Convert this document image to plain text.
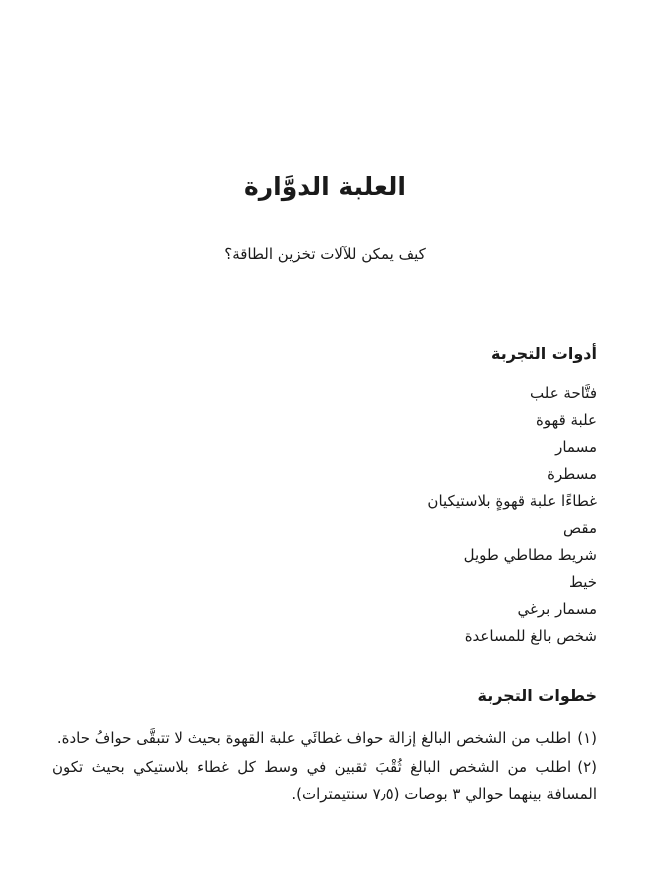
العلبة الدوَّارة

كيف يمكن للآلات تخزين الطاقة؟

أدوات التجربة
فتَّاحة علب
علبة قهوة
مسمار
مسطرة
غطاءًا علبة قهوةٍ بلاستيكيان
مقص
شريط مطاطي طويل
خيط
مسمار برغي
شخص بالغ للمساعدة
خطوات التجربة
(١)اطلب من الشخص البالغ إزالة حواف غطائَي علبة القهوة بحيث لا تتبقَّى حوافُ حادة.
(٢)اطلب من الشخص البالغ ثُقْبَ ثقبين في وسط كل غطاء بلاستيكي بحيث تكون المسافة بينهما حوالي ٣ بوصات (٧٫٥ سنتيمترات).
